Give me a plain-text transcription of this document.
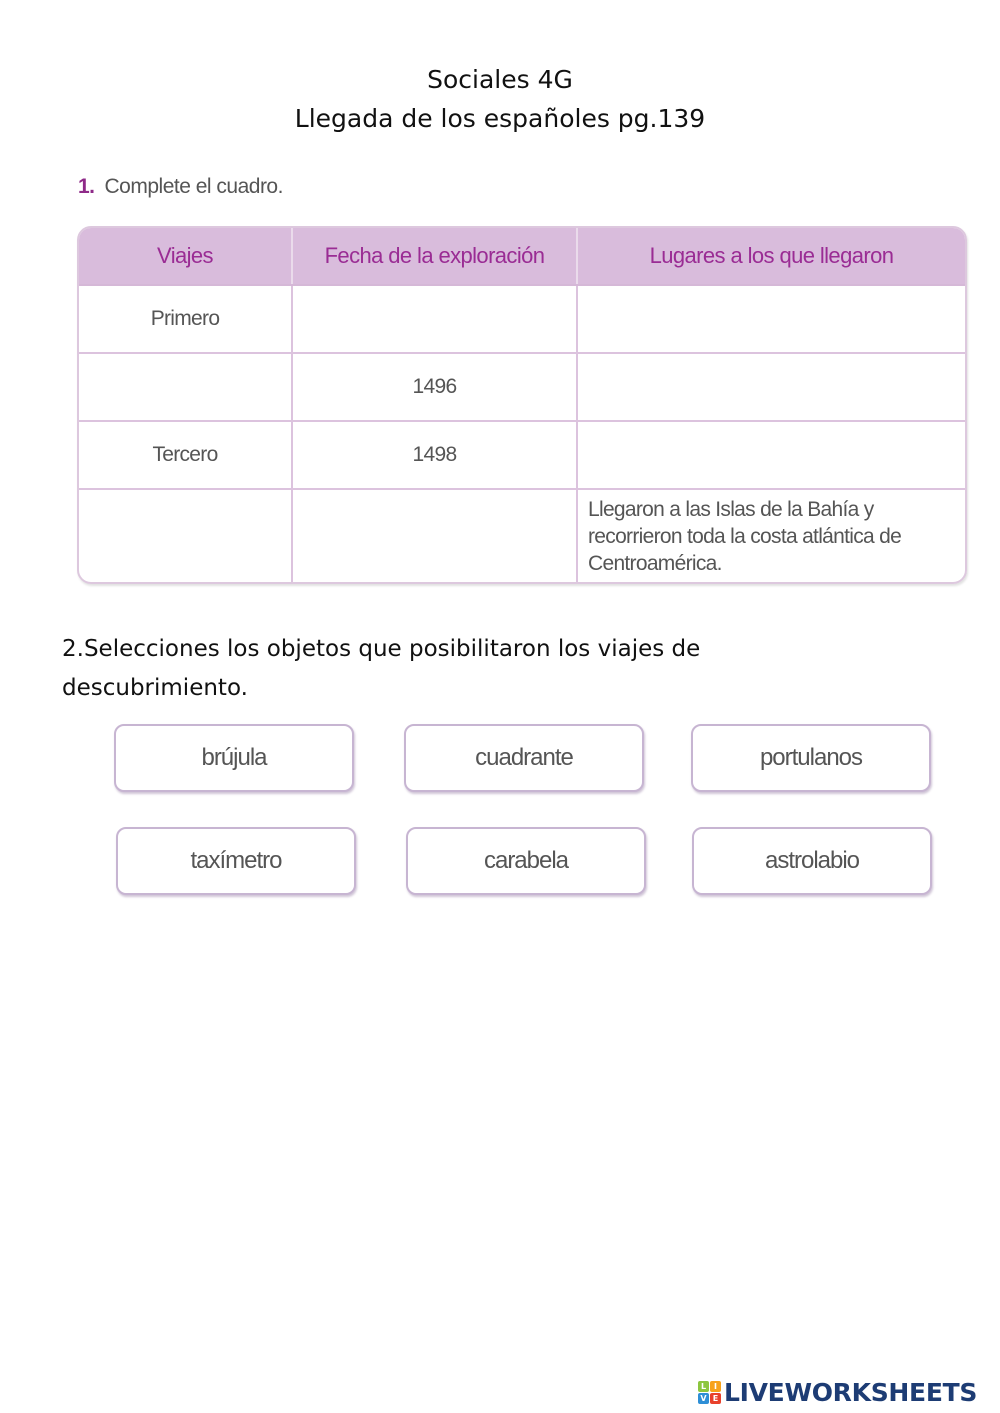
Sociales 4G
Llegada de los españoles pg.139
1. Complete el cuadro.
Viajes	Fecha de la exploración	Lugares a los que llegaron
Primero		
	1496	
Tercero	1498	
		Llegaron a las Islas de la Bahía y recorrieron toda la costa atlántica de Centroamérica.
2.Selecciones los objetos que posibilitaron los viajes de descubrimiento.
brújula	cuadrante	portulanos
taxímetro	carabela	astrolabio
L I
V E LIVEWORKSHEETS
